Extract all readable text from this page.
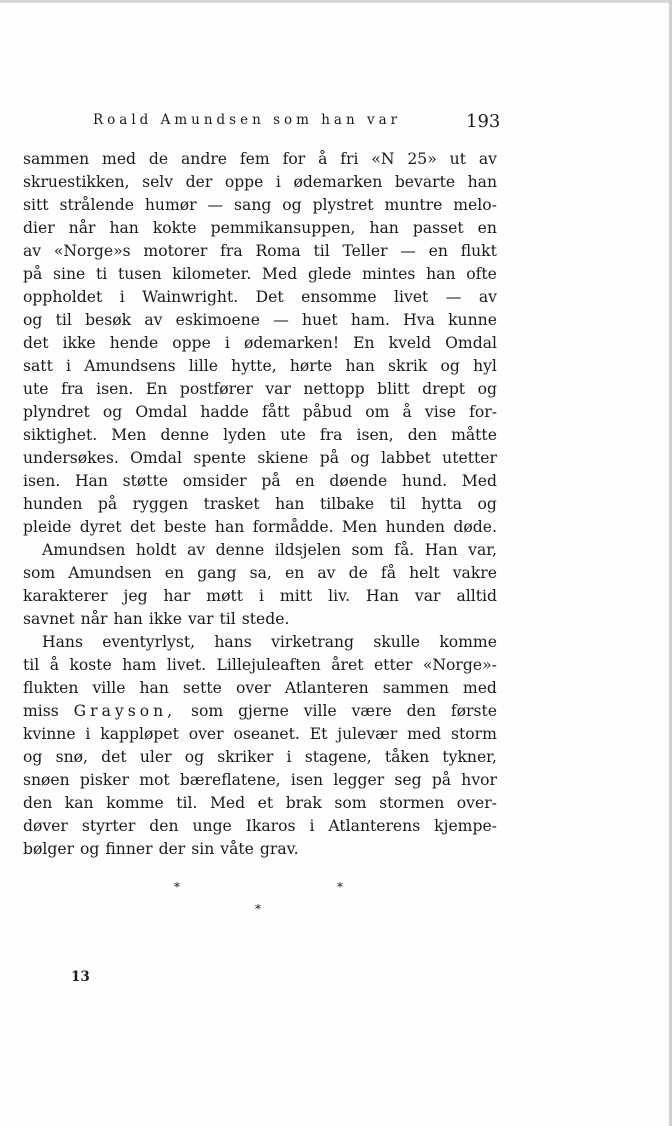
Roald Amundsen som han var	193
sammen med de andre fem for å fri «N 25» ut av
skruestikken, selv der oppe i ødemarken bevarte han
sitt strålende humør — sang og plystret muntre melo-
dier når han kokte pemmikansuppen, han passet en
av «Norge»s motorer fra Roma til Teller — en flukt
på sine ti tusen kilometer. Med glede mintes han ofte
oppholdet i Wainwright. Det ensomme livet — av
og til besøk av eskimoene — huet ham. Hva kunne
det ikke hende oppe i ødemarken! En kveld Omdal
satt i Amundsens lille hytte, hørte han skrik og hyl
ute fra isen. En postfører var nettopp blitt drept og
plyndret og Omdal hadde fått påbud om å vise for-
siktighet. Men denne lyden ute fra isen, den måtte
undersøkes. Omdal spente skiene på og labbet utetter
isen. Han støtte omsider på en døende hund. Med
hunden på ryggen trasket han tilbake til hytta og
pleide dyret det beste han formådde. Men hunden døde.
Amundsen holdt av denne ildsjelen som få. Han var,
som Amundsen en gang sa, en av de få helt vakre
karakterer jeg har møtt i mitt liv. Han var alltid
savnet når han ikke var til stede.
Hans eventyrlyst, hans virketrang skulle komme
til å koste ham livet. Lillejuleaften året etter «Norge»-
flukten ville han sette over Atlanteren sammen med
miss Grayson, som gjerne ville være den første
kvinne i kappløpet over oseanet. Et julevær med storm
og snø, det uler og skriker i stagene, tåken tykner,
snøen pisker mot bæreflatene, isen legger seg på hvor
den kan komme til. Med et brak som stormen over-
døver styrter den unge Ikaros i Atlanterens kjempe-
bølger og finner der sin våte grav.
*	*
*
13
